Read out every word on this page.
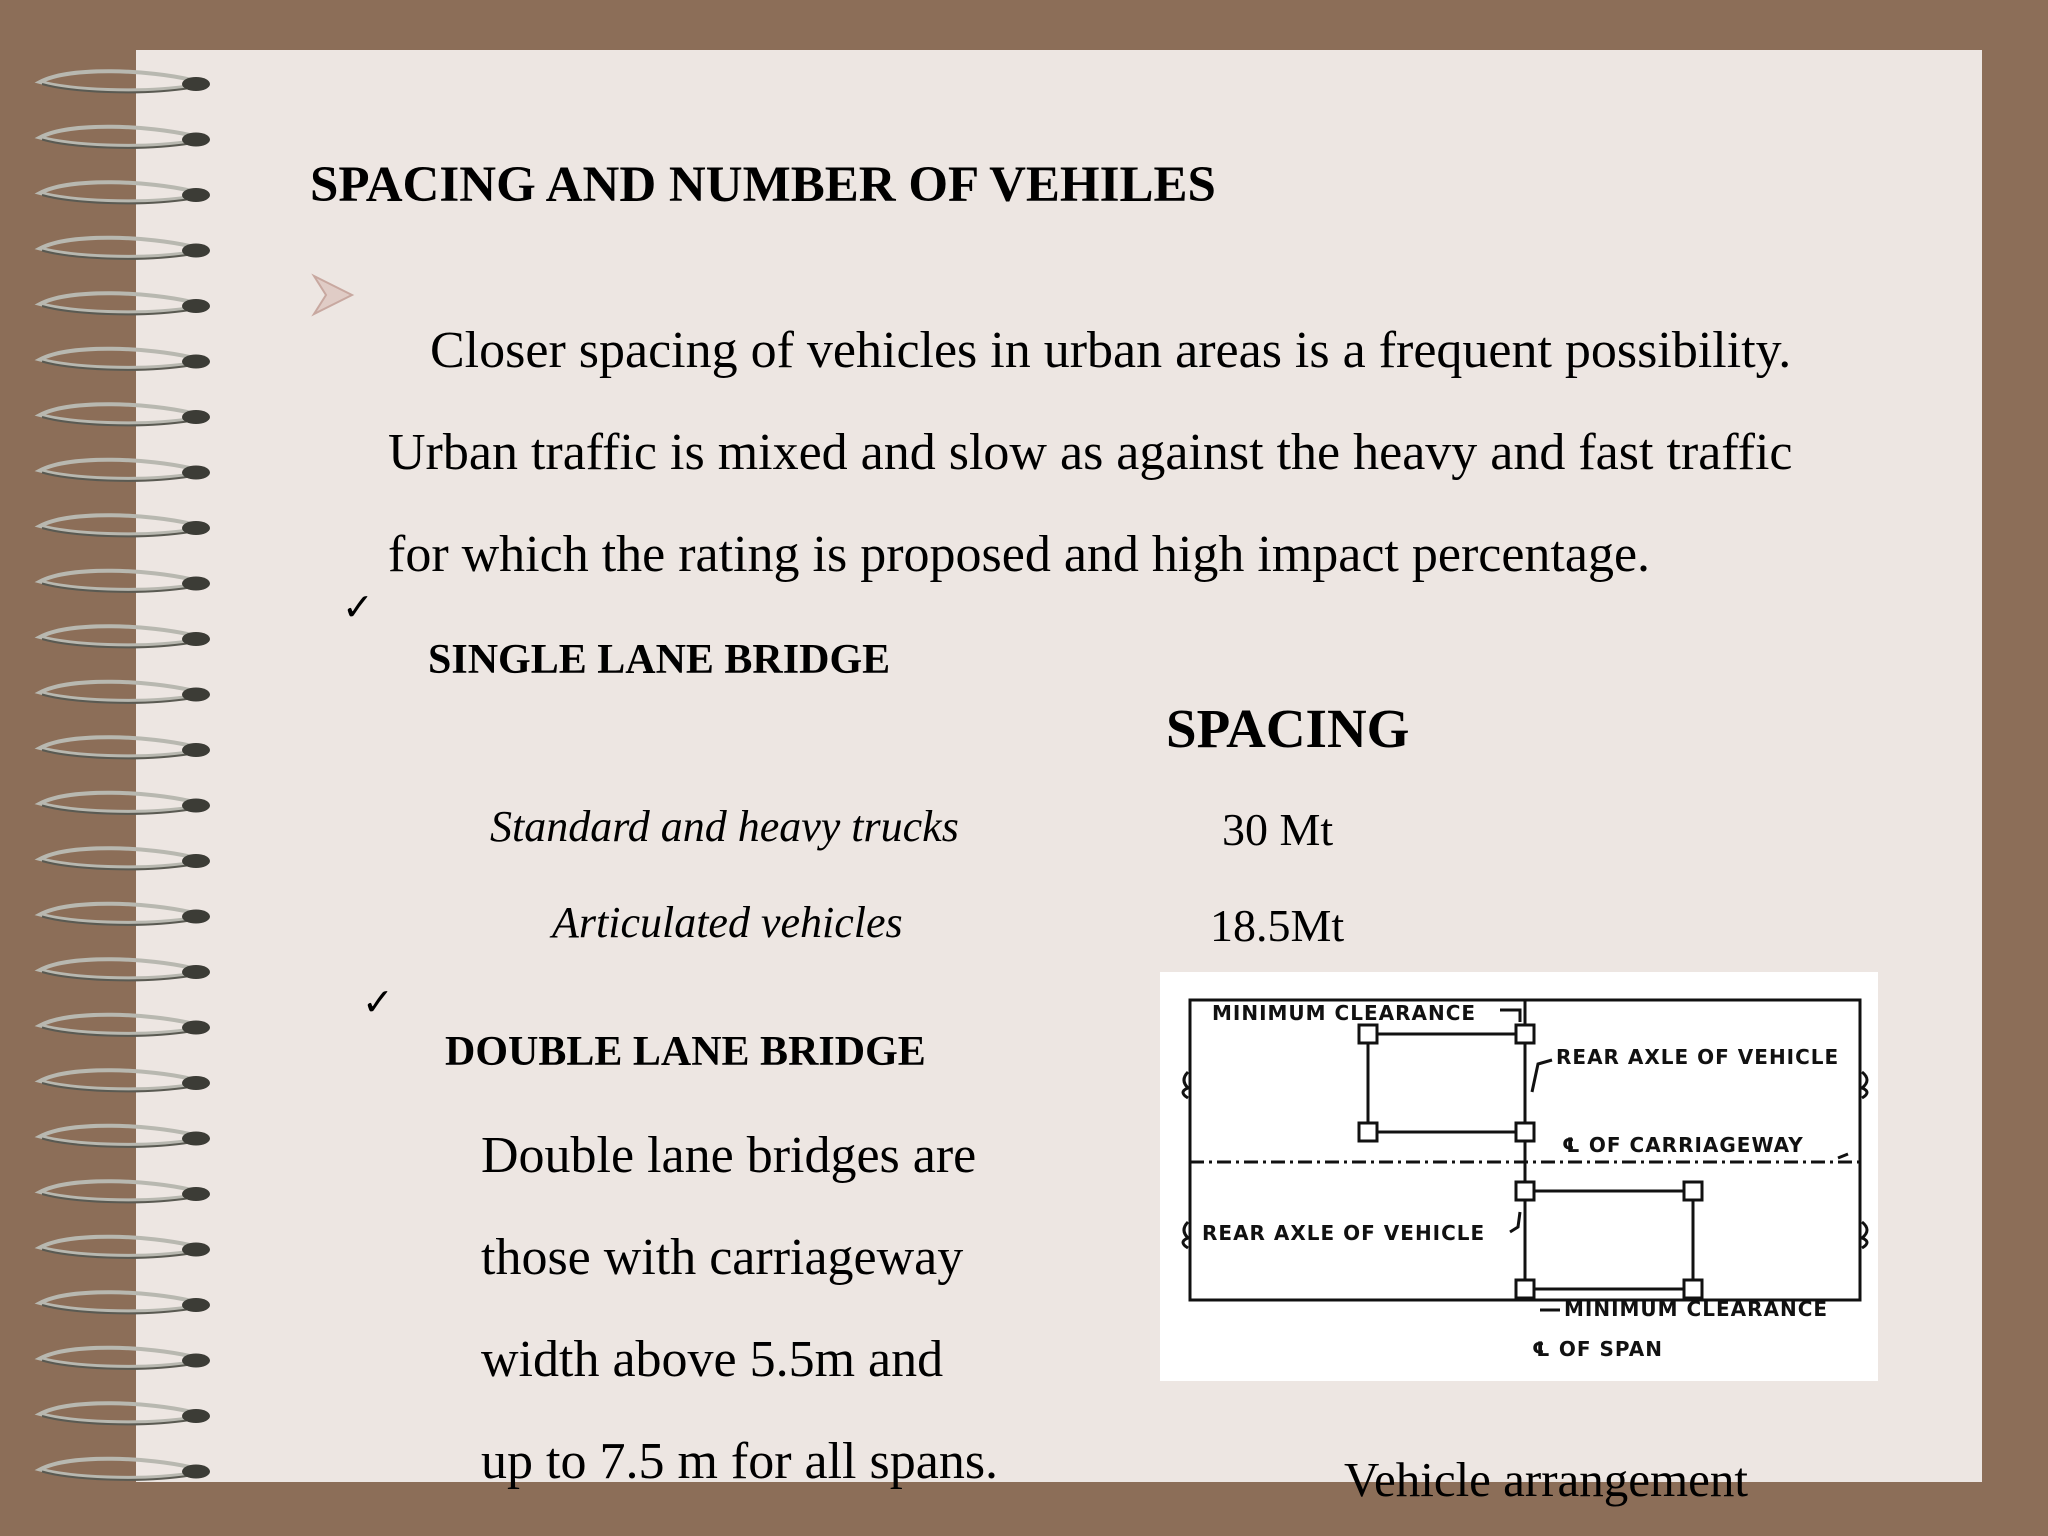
SPACING AND NUMBER OF VEHILES
Closer spacing of vehicles in urban areas is a frequent possibility.
Urban traffic is mixed and slow as against the heavy and fast traffic
for which the rating is proposed and high impact percentage.
✓
SINGLE LANE BRIDGE
SPACING
Standard and heavy trucks	30 Mt
Articulated vehicles	18.5Mt
✓
DOUBLE LANE BRIDGE
Double lane bridges are
those with carriageway
width above 5.5m and
up to 7.5 m for all spans.
MINIMUM CLEARANCE
REAR AXLE OF VEHICLE
℄ OF CARRIAGEWAY
REAR AXLE OF VEHICLE
MINIMUM CLEARANCE
℄ OF SPAN
Vehicle arrangement
